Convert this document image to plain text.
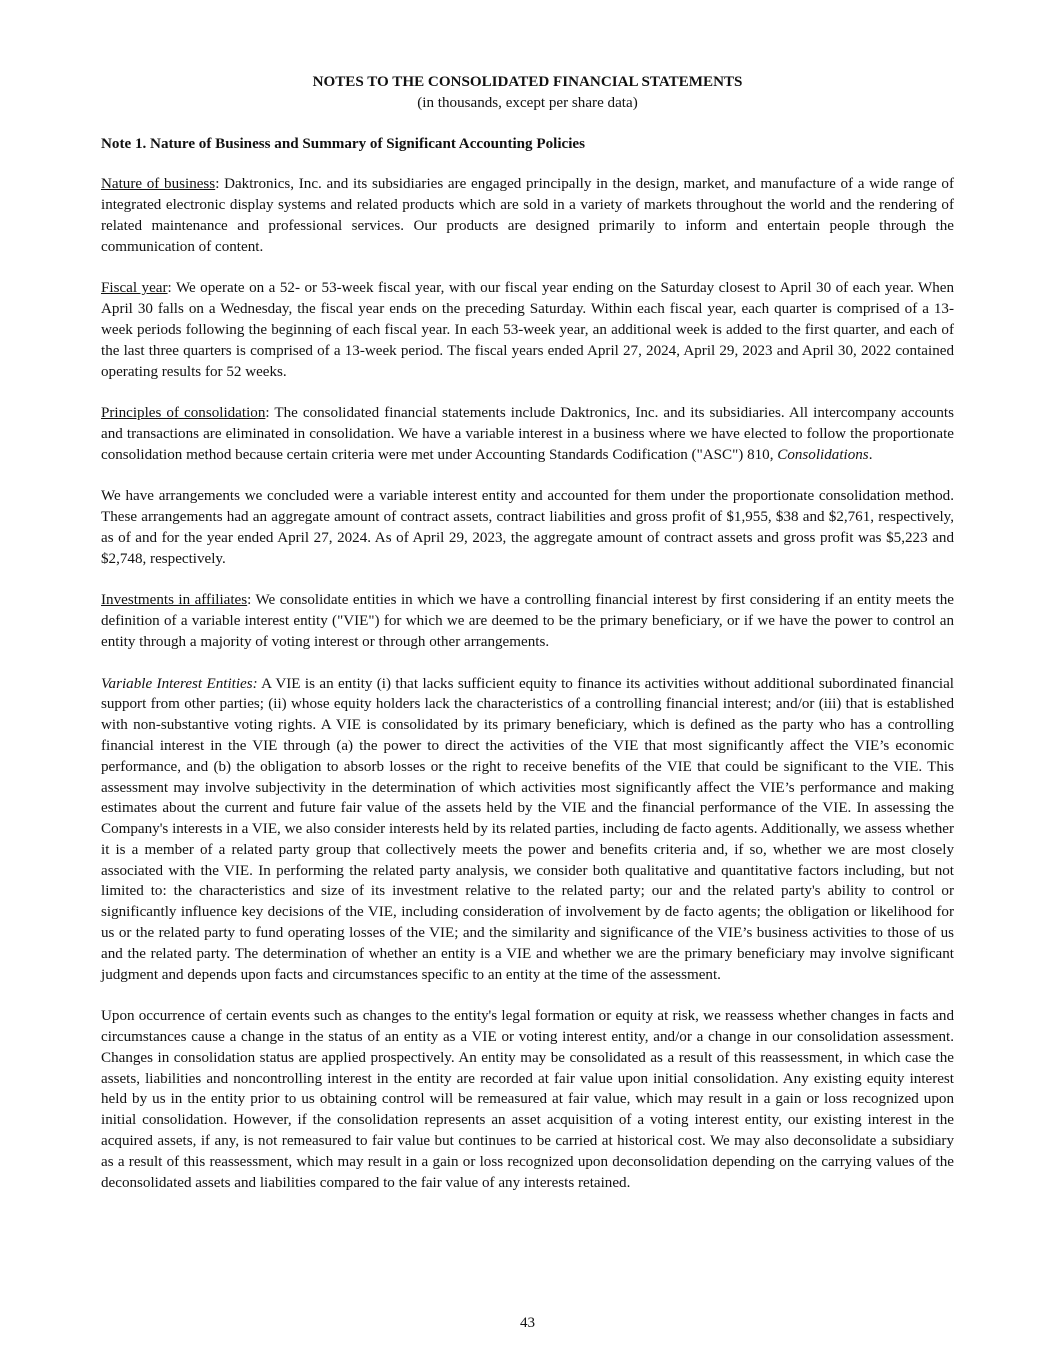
NOTES TO THE CONSOLIDATED FINANCIAL STATEMENTS
(in thousands, except per share data)
Note 1. Nature of Business and Summary of Significant Accounting Policies

Nature of business: Daktronics, Inc. and its subsidiaries are engaged principally in the design, market, and manufacture of a wide range of integrated electronic display systems and related products which are sold in a variety of markets throughout the world and the rendering of related maintenance and professional services. Our products are designed primarily to inform and entertain people through the communication of content.

Fiscal year: We operate on a 52- or 53-week fiscal year, with our fiscal year ending on the Saturday closest to April 30 of each year. When April 30 falls on a Wednesday, the fiscal year ends on the preceding Saturday. Within each fiscal year, each quarter is comprised of a 13-week periods following the beginning of each fiscal year. In each 53-week year, an additional week is added to the first quarter, and each of the last three quarters is comprised of a 13-week period. The fiscal years ended April 27, 2024, April 29, 2023 and April 30, 2022 contained operating results for 52 weeks.

Principles of consolidation: The consolidated financial statements include Daktronics, Inc. and its subsidiaries. All intercompany accounts and transactions are eliminated in consolidation. We have a variable interest in a business where we have elected to follow the proportionate consolidation method because certain criteria were met under Accounting Standards Codification ("ASC") 810, Consolidations.

We have arrangements we concluded were a variable interest entity and accounted for them under the proportionate consolidation method. These arrangements had an aggregate amount of contract assets, contract liabilities and gross profit of $1,955, $38 and $2,761, respectively, as of and for the year ended April 27, 2024. As of April 29, 2023, the aggregate amount of contract assets and gross profit was $5,223 and $2,748, respectively.

Investments in affiliates: We consolidate entities in which we have a controlling financial interest by first considering if an entity meets the definition of a variable interest entity ("VIE") for which we are deemed to be the primary beneficiary, or if we have the power to control an entity through a majority of voting interest or through other arrangements.

Variable Interest Entities: A VIE is an entity (i) that lacks sufficient equity to finance its activities without additional subordinated financial support from other parties; (ii) whose equity holders lack the characteristics of a controlling financial interest; and/or (iii) that is established with non-substantive voting rights. A VIE is consolidated by its primary beneficiary, which is defined as the party who has a controlling financial interest in the VIE through (a) the power to direct the activities of the VIE that most significantly affect the VIE’s economic performance, and (b) the obligation to absorb losses or the right to receive benefits of the VIE that could be significant to the VIE. This assessment may involve subjectivity in the determination of which activities most significantly affect the VIE’s performance and making estimates about the current and future fair value of the assets held by the VIE and the financial performance of the VIE. In assessing the Company's interests in a VIE, we also consider interests held by its related parties, including de facto agents. Additionally, we assess whether it is a member of a related party group that collectively meets the power and benefits criteria and, if so, whether we are most closely associated with the VIE. In performing the related party analysis, we consider both qualitative and quantitative factors including, but not limited to: the characteristics and size of its investment relative to the related party; our and the related party's ability to control or significantly influence key decisions of the VIE, including consideration of involvement by de facto agents; the obligation or likelihood for us or the related party to fund operating losses of the VIE; and the similarity and significance of the VIE’s business activities to those of us and the related party. The determination of whether an entity is a VIE and whether we are the primary beneficiary may involve significant judgment and depends upon facts and circumstances specific to an entity at the time of the assessment.

Upon occurrence of certain events such as changes to the entity's legal formation or equity at risk, we reassess whether changes in facts and circumstances cause a change in the status of an entity as a VIE or voting interest entity, and/or a change in our consolidation assessment. Changes in consolidation status are applied prospectively. An entity may be consolidated as a result of this reassessment, in which case the assets, liabilities and noncontrolling interest in the entity are recorded at fair value upon initial consolidation. Any existing equity interest held by us in the entity prior to us obtaining control will be remeasured at fair value, which may result in a gain or loss recognized upon initial consolidation. However, if the consolidation represents an asset acquisition of a voting interest entity, our existing interest in the acquired assets, if any, is not remeasured to fair value but continues to be carried at historical cost. We may also deconsolidate a subsidiary as a result of this reassessment, which may result in a gain or loss recognized upon deconsolidation depending on the carrying values of the deconsolidated assets and liabilities compared to the fair value of any interests retained.

43
